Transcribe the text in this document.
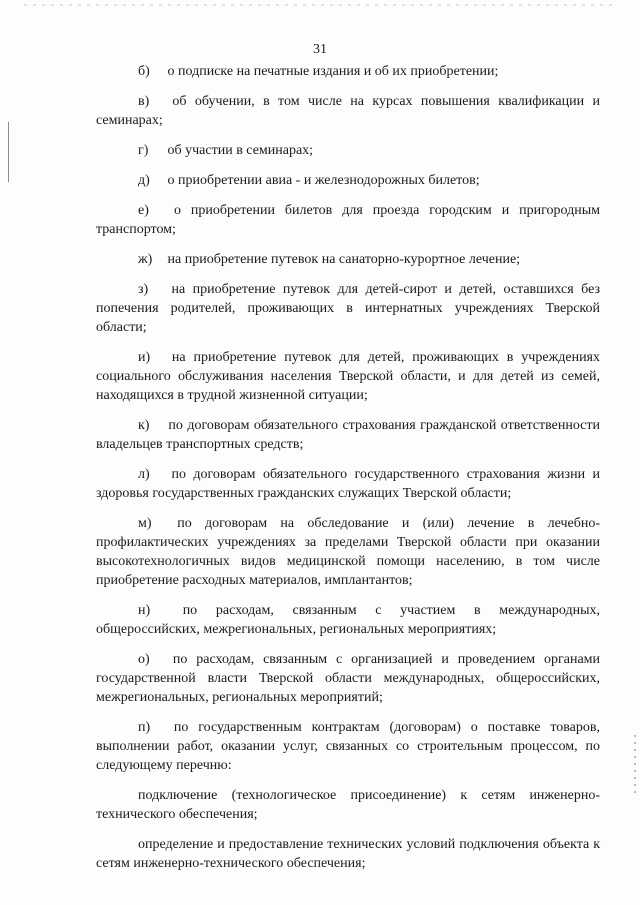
31

б) о подписке на печатные издания и об их приобретении;

в) об обучении, в том числе на курсах повышения квалификации и семинарах;

г) об участии в семинарах;

д) о приобретении авиа - и железнодорожных билетов;

е) о приобретении билетов для проезда городским и пригородным транспортом;

ж) на приобретение путевок на санаторно-курортное лечение;

з) на приобретение путевок для детей-сирот и детей, оставшихся без попечения родителей, проживающих в интернатных учреждениях Тверской области;

и) на приобретение путевок для детей, проживающих в учреждениях социального обслуживания населения Тверской области, и для детей из семей, находящихся в трудной жизненной ситуации;

к) по договорам обязательного страхования гражданской ответственности владельцев транспортных средств;

л) по договорам обязательного государственного страхования жизни и здоровья государственных гражданских служащих Тверской области;

м) по договорам на обследование и (или) лечение в лечебно-профилактических учреждениях за пределами Тверской области при оказании высокотехнологичных видов медицинской помощи населению, в том числе приобретение расходных материалов, имплантантов;

н) по расходам, связанным с участием в международных, общероссийских, межрегиональных, региональных мероприятиях;

о) по расходам, связанным с организацией и проведением органами государственной власти Тверской области международных, общероссийских, межрегиональных, региональных мероприятий;

п) по государственным контрактам (договорам) о поставке товаров, выполнении работ, оказании услуг, связанных со строительным процессом, по следующему перечню:

подключение (технологическое присоединение) к сетям инженерно-технического обеспечения;

определение и предоставление технических условий подключения объекта к сетям инженерно-технического обеспечения;
